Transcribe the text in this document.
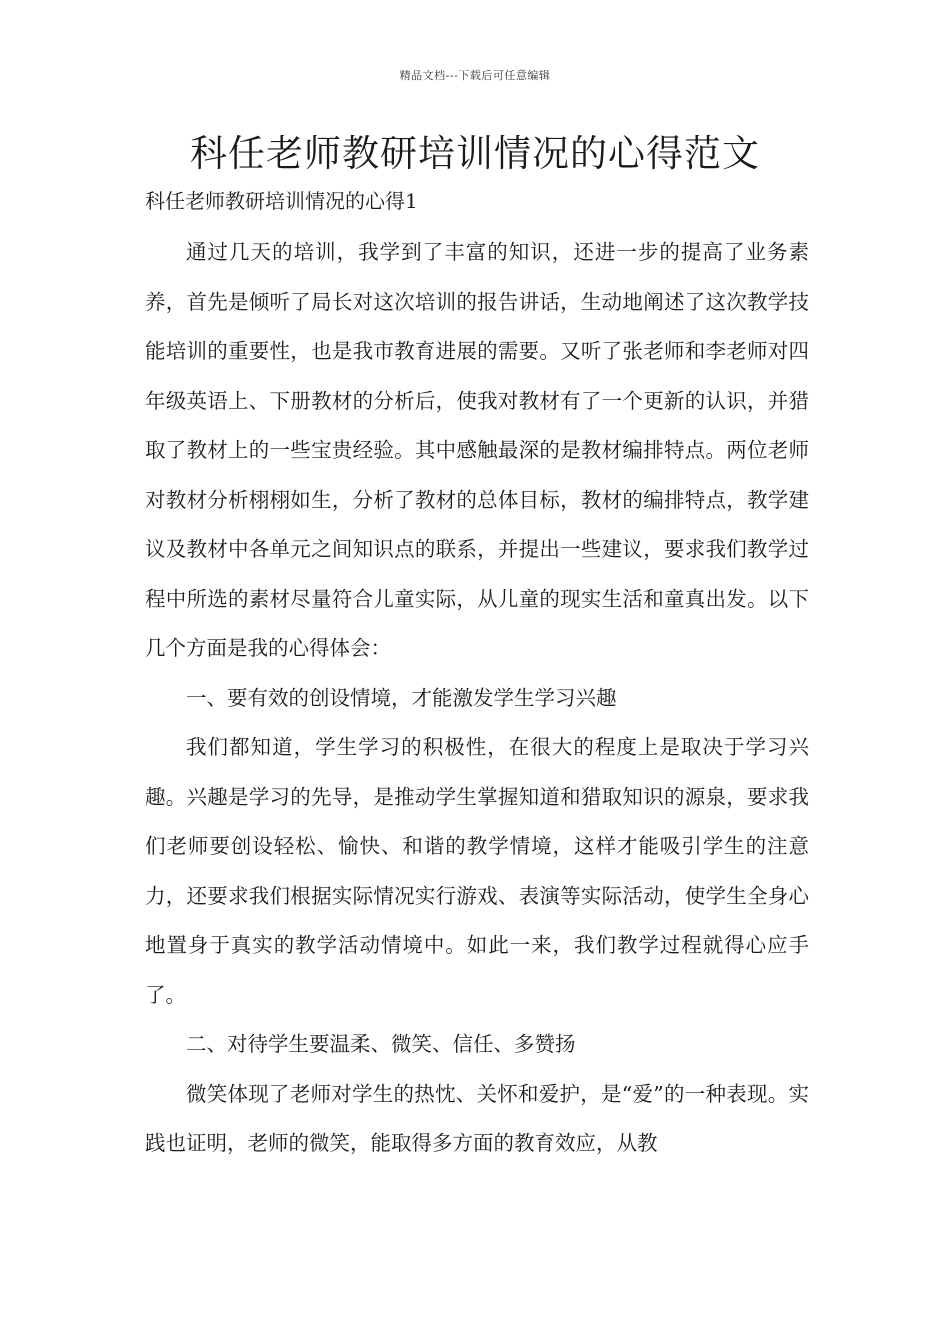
精品文档---下载后可任意编辑
科任老师教研培训情况的心得范文
科任老师教研培训情况的心得1

通过几天的培训，我学到了丰富的知识，还进一步的提高了业务素养，首先是倾听了局长对这次培训的报告讲话，生动地阐述了这次教学技能培训的重要性，也是我市教育进展的需要。又听了张老师和李老师对四年级英语上、下册教材的分析后，使我对教材有了一个更新的认识，并猎取了教材上的一些宝贵经验。其中感触最深的是教材编排特点。两位老师对教材分析栩栩如生，分析了教材的总体目标，教材的编排特点，教学建议及教材中各单元之间知识点的联系，并提出一些建议，要求我们教学过程中所选的素材尽量符合儿童实际，从儿童的现实生活和童真出发。以下几个方面是我的心得体会：

一、要有效的创设情境，才能激发学生学习兴趣

我们都知道，学生学习的积极性，在很大的程度上是取决于学习兴趣。兴趣是学习的先导，是推动学生掌握知道和猎取知识的源泉，要求我们老师要创设轻松、愉快、和谐的教学情境，这样才能吸引学生的注意力，还要求我们根据实际情况实行游戏、表演等实际活动，使学生全身心地置身于真实的教学活动情境中。如此一来，我们教学过程就得心应手了。

二、对待学生要温柔、微笑、信任、多赞扬

微笑体现了老师对学生的热忱、关怀和爱护，是“爱”的一种表现。实践也证明，老师的微笑，能取得多方面的教育效应，从教
